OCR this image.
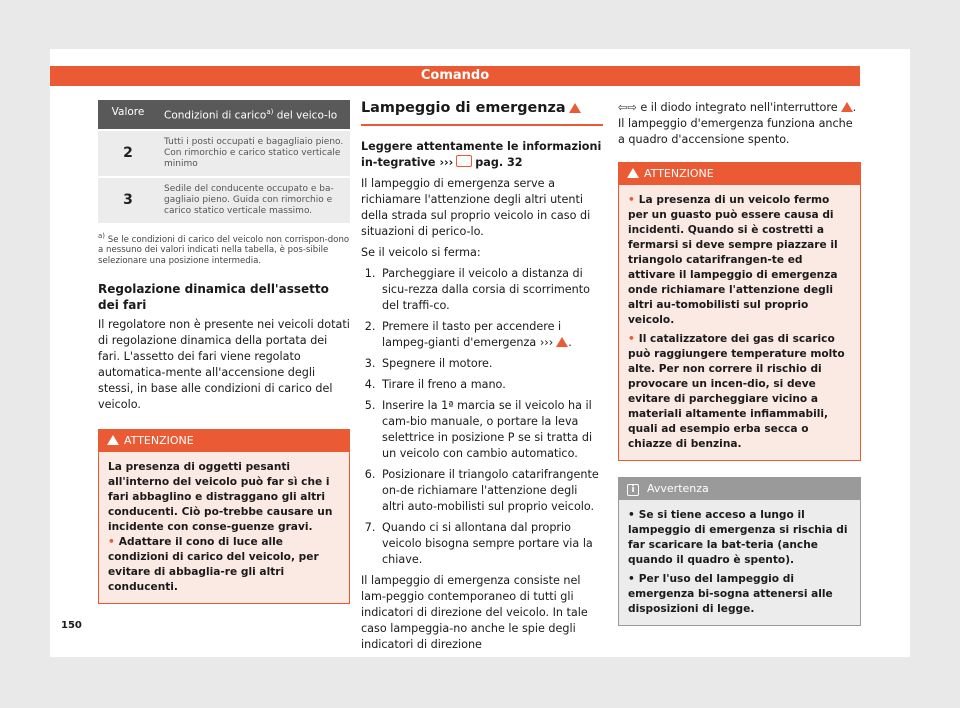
Comando
Valore	Condizioni di carico$^{a)}$ del veico-lo
2	Tutti i posti occupati e bagagliaio pieno. Con rimorchio e carico statico verticale minimo
3	Sedile del conducente occupato e ba-gagliaio pieno. Guida con rimorchio e carico statico verticale massimo.
$^{a)}$ Se le condizioni di carico del veicolo non corrispon-dono a nessuno dei valori indicati nella tabella, è pos-sibile selezionare una posizione intermedia.
Regolazione dinamica dell'assetto dei fari

Il regolatore non è presente nei veicoli dotati di regolazione dinamica della portata dei fari. L'assetto dei fari viene regolato automatica-mente all'accensione degli stessi, in base alle condizioni di carico del veicolo.

ATTENZIONE
La presenza di oggetti pesanti all'interno del veicolo può far sì che i fari abbaglino e distraggano gli altri conducenti. Ciò po-trebbe causare un incidente con conse-guenze gravi.
• Adattare il cono di luce alle condizioni di carico del veicolo, per evitare di abbaglia-re gli altri conducenti.
Lampeggio di emergenza

Leggere attentamente le informazioni in-tegrative ››› pag. 32

Il lampeggio di emergenza serve a richiamare l'attenzione degli altri utenti della strada sul proprio veicolo in caso di situazioni di perico-lo.

Se il veicolo si ferma:

1. Parcheggiare il veicolo a distanza di sicu-rezza dalla corsia di scorrimento del traffi-co.
2. Premere il tasto per accendere i lampeg-gianti d'emergenza ››› .
3. Spegnere il motore.
4. Tirare il freno a mano.
5. Inserire la 1ª marcia se il veicolo ha il cam-bio manuale, o portare la leva selettrice in posizione P se si tratta di un veicolo con cambio automatico.
6. Posizionare il triangolo catarifrangente on-de richiamare l'attenzione degli altri auto-mobilisti sul proprio veicolo.
7. Quando ci si allontana dal proprio veicolo bisogna sempre portare via la chiave.

Il lampeggio di emergenza consiste nel lam-peggio contemporaneo di tutti gli indicatori di direzione del veicolo. In tale caso lampeggia-no anche le spie degli indicatori di direzione

⇦⇨ e il diodo integrato nell'interruttore . Il lampeggio d'emergenza funziona anche a quadro d'accensione spento.

ATTENZIONE
• La presenza di un veicolo fermo per un guasto può essere causa di incidenti. Quando si è costretti a fermarsi si deve sempre piazzare il triangolo catarifrangen-te ed attivare il lampeggio di emergenza onde richiamare l'attenzione degli altri au-tomobilisti sul proprio veicolo.
• Il catalizzatore dei gas di scarico può raggiungere temperature molto alte. Per non correre il rischio di provocare un incen-dio, si deve evitare di parcheggiare vicino a materiali altamente infiammabili, quali ad esempio erba secca o chiazze di benzina.
i Avvertenza
• Se si tiene acceso a lungo il lampeggio di emergenza si rischia di far scaricare la bat-teria (anche quando il quadro è spento).
• Per l'uso del lampeggio di emergenza bi-sogna attenersi alle disposizioni di legge.
150
